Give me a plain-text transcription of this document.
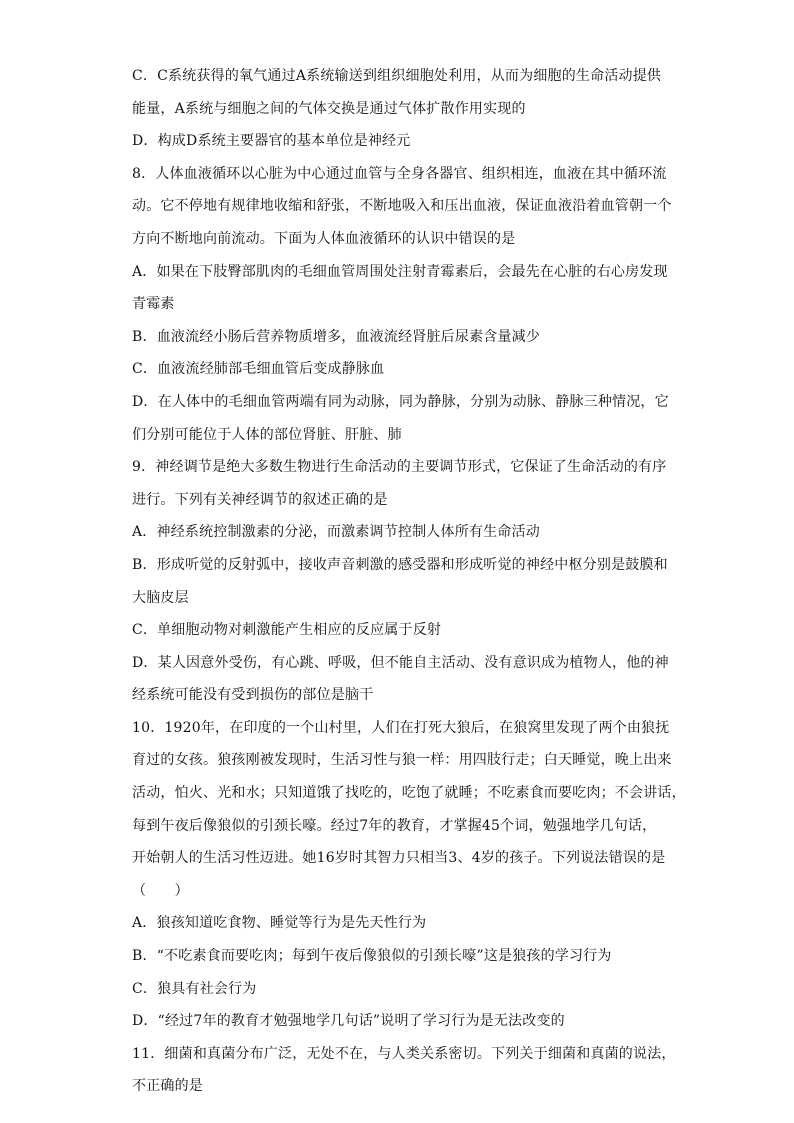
C．C系统获得的氧气通过A系统输送到组织细胞处利用，从而为细胞的生命活动提供
能量，A系统与细胞之间的气体交换是通过气体扩散作用实现的
D．构成D系统主要器官的基本单位是神经元
8．人体血液循环以心脏为中心通过血管与全身各器官、组织相连，血液在其中循环流
动。它不停地有规律地收缩和舒张，不断地吸入和压出血液，保证血液沿着血管朝一个
方向不断地向前流动。下面为人体血液循环的认识中错误的是
A．如果在下肢臀部肌肉的毛细血管周围处注射青霉素后，会最先在心脏的右心房发现
青霉素
B．血液流经小肠后营养物质增多，血液流经肾脏后尿素含量减少
C．血液流经肺部毛细血管后变成静脉血
D．在人体中的毛细血管两端有同为动脉，同为静脉，分别为动脉、静脉三种情况，它
们分别可能位于人体的部位肾脏、肝脏、肺
9．神经调节是绝大多数生物进行生命活动的主要调节形式，它保证了生命活动的有序
进行。下列有关神经调节的叙述正确的是
A．神经系统控制激素的分泌，而激素调节控制人体所有生命活动
B．形成听觉的反射弧中，接收声音刺激的感受器和形成听觉的神经中枢分别是鼓膜和
大脑皮层
C．单细胞动物对刺激能产生相应的反应属于反射
D．某人因意外受伤，有心跳、呼吸，但不能自主活动、没有意识成为植物人，他的神
经系统可能没有受到损伤的部位是脑干
10．1920年，在印度的一个山村里，人们在打死大狼后，在狼窝里发现了两个由狼抚
育过的女孩。狼孩刚被发现时，生活习性与狼一样：用四肢行走；白天睡觉，晚上出来
活动，怕火、光和水；只知道饿了找吃的，吃饱了就睡；不吃素食而要吃肉；不会讲话，
每到午夜后像狼似的引颈长嚎。经过7年的教育，才掌握45个词，勉强地学几句话，
开始朝人的生活习性迈进。她16岁时其智力只相当3、4岁的孩子。下列说法错误的是
（　　）
A．狼孩知道吃食物、睡觉等行为是先天性行为
B．“不吃素食而要吃肉；每到午夜后像狼似的引颈长嚎”这是狼孩的学习行为
C．狼具有社会行为
D．“经过7年的教育才勉强地学几句话”说明了学习行为是无法改变的
11．细菌和真菌分布广泛，无处不在，与人类关系密切。下列关于细菌和真菌的说法，
不正确的是
